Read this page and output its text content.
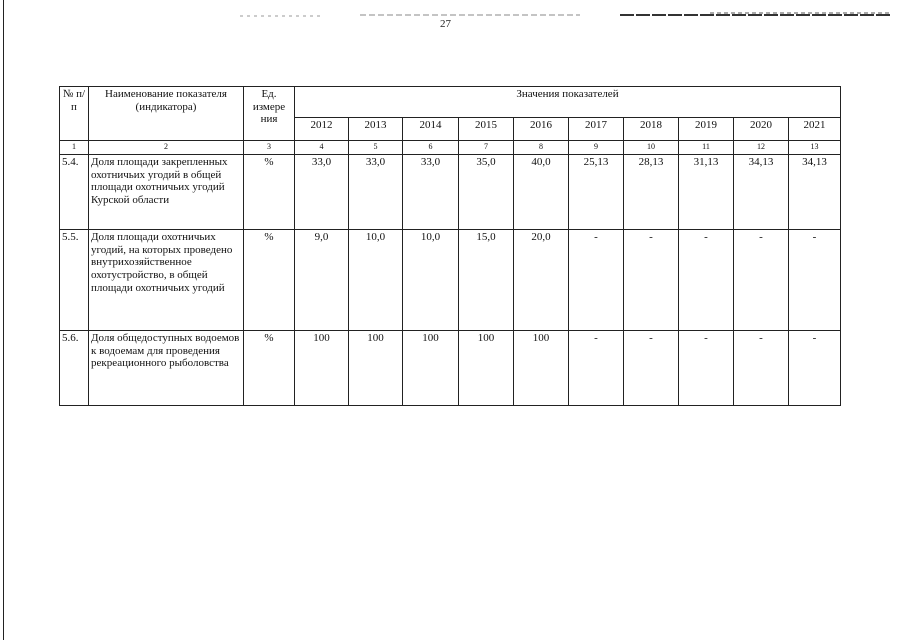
27
№ п/п	Наименование показателя (индикатора)	Ед. измере ния	Значения показателей									
			2012	2013	2014	2015	2016	2017	2018	2019	2020	2021
1	2	3	4	5	6	7	8	9	10	11	12	13
5.4.	Доля площади закрепленных охотничьих угодий в общей площади охотничьих угодий Курской области	%	33,0	33,0	33,0	35,0	40,0	25,13	28,13	31,13	34,13	34,13
5.5.	Доля площади охотничьих угодий, на которых проведено внутрихозяйственное охотустройство, в общей площади охотничьих угодий	%	9,0	10,0	10,0	15,0	20,0	-	-	-	-	-
5.6.	Доля общедоступных водоемов к водоемам для проведения рекреационного рыболовства	%	100	100	100	100	100	-	-	-	-	-
